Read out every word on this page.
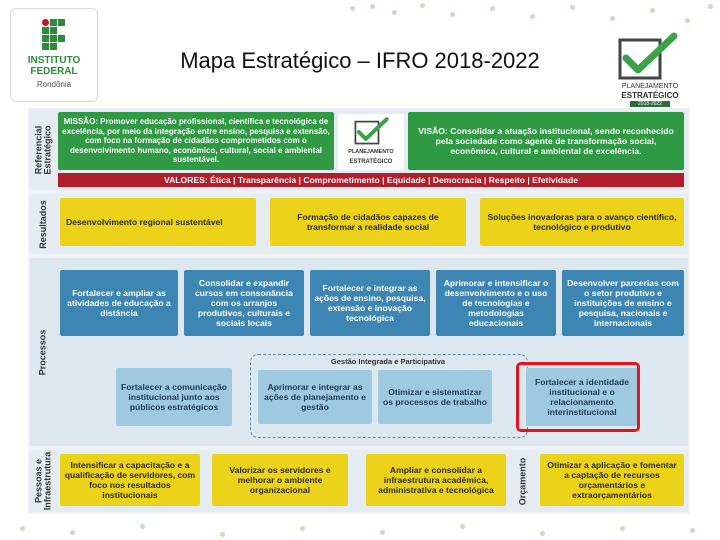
INSTITUTO
FEDERAL
Rondônia
Mapa Estratégico – IFRO 2018-2022
PLANEJAMENTO
ESTRATÉGICO
2018-2022
Referencial Estratégico
MISSÃO: Promover educação profissional, científica e tecnológica de excelência, por meio da integração entre ensino, pesquisa e extensão, com foco na formação de cidadãos comprometidos com o desenvolvimento humano, econômico, cultural, social e ambiental sustentável.
PLANEJAMENTO
ESTRATÉGICO
VISÃO: Consolidar a atuação institucional, sendo reconhecido pela sociedade como agente de transformação social, econômica, cultural e ambiental de excelência.
VALORES: Ética | Transparência | Comprometimento | Equidade | Democracia | Respeito | Efetividade
Resultados	Desenvolvimento regional sustentável	Formação de cidadãos capazes de transformar a realidade social
Soluções inovadoras para o avanço científico, tecnológico e produtivo
Processos
Fortalecer e ampliar as atividades de educação a distância
Consolidar e expandir cursos em consonância com os arranjos produtivos, culturais e sociais locais
Fortalecer e integrar as ações de ensino, pesquisa, extensão e inovação tecnológica
Aprimorar e intensificar o desenvolvimento e o uso de tecnologias e metodologias educacionais
Desenvolver parcerias com o setor produtivo e instituições de ensino e pesquisa, nacionais e internacionais
Gestão Integrada e Participativa
Fortalecer a comunicação institucional junto aos públicos estratégicos
Aprimorar e integrar as ações de planejamento e gestão
Otimizar e sistematizar os processos de trabalho
Fortalecer a identidade institucional e o relacionamento interinstitucional
Pessoas e Infraestrutura	Intensificar a capacitação e a qualificação de servidores, com foco nos resultados institucionais
Valorizar os servidores e melhorar o ambiente organizacional
Ampliar e consolidar a infraestrutura acadêmica, administrativa e tecnológica	Orçamento	Otimizar a aplicação e fomentar a captação de recursos orçamentários e extraorçamentários
